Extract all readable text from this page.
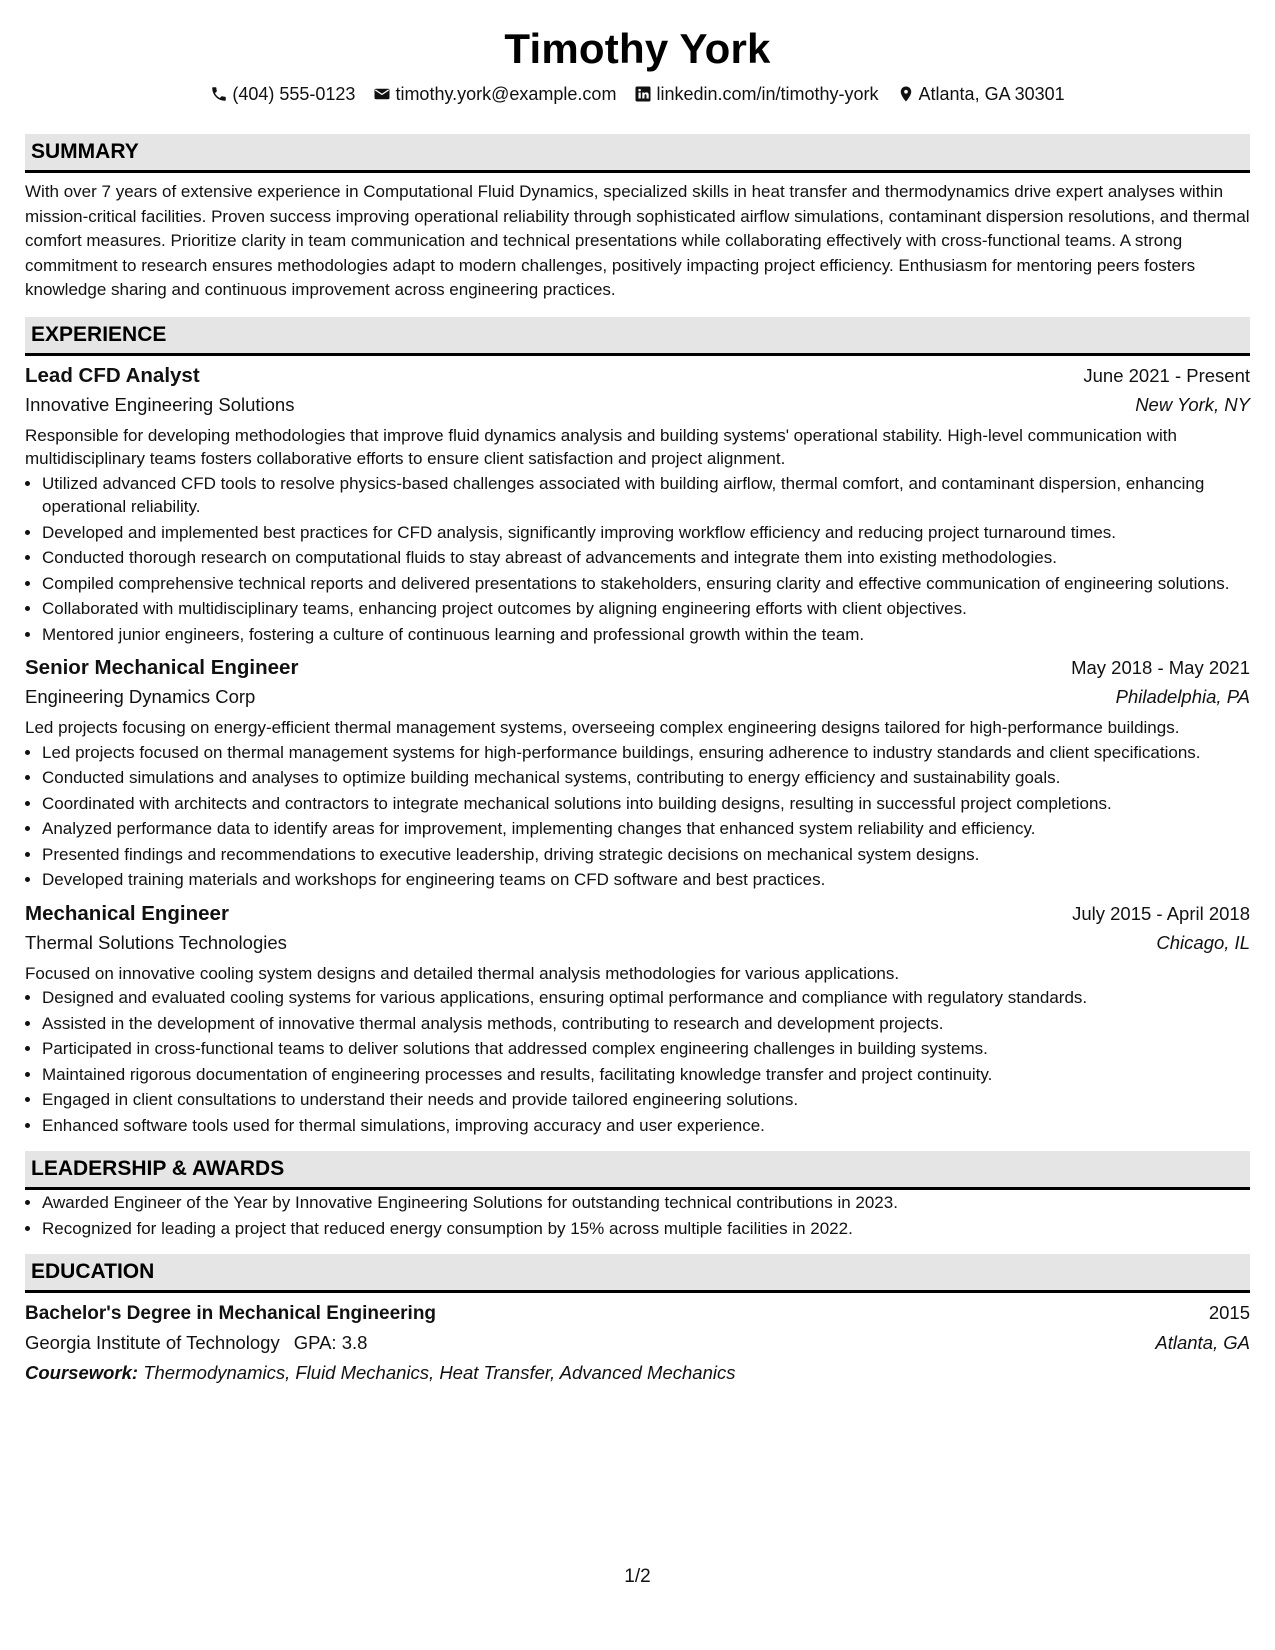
Timothy York
(404) 555-0123 timothy.york@example.com linkedin.com/in/timothy-york Atlanta, GA 30301
SUMMARY
With over 7 years of extensive experience in Computational Fluid Dynamics, specialized skills in heat transfer and thermodynamics drive expert analyses within mission-critical facilities. Proven success improving operational reliability through sophisticated airflow simulations, contaminant dispersion resolutions, and thermal comfort measures. Prioritize clarity in team communication and technical presentations while collaborating effectively with cross-functional teams. A strong commitment to research ensures methodologies adapt to modern challenges, positively impacting project efficiency. Enthusiasm for mentoring peers fosters knowledge sharing and continuous improvement across engineering practices.
EXPERIENCE
Lead CFD Analyst	June 2021 - Present
Innovative Engineering Solutions	New York, NY
Responsible for developing methodologies that improve fluid dynamics analysis and building systems' operational stability. High-level communication with multidisciplinary teams fosters collaborative efforts to ensure client satisfaction and project alignment.
• Utilized advanced CFD tools to resolve physics-based challenges associated with building airflow, thermal comfort, and contaminant dispersion, enhancing operational reliability.
• Developed and implemented best practices for CFD analysis, significantly improving workflow efficiency and reducing project turnaround times.
• Conducted thorough research on computational fluids to stay abreast of advancements and integrate them into existing methodologies.
• Compiled comprehensive technical reports and delivered presentations to stakeholders, ensuring clarity and effective communication of engineering solutions.
• Collaborated with multidisciplinary teams, enhancing project outcomes by aligning engineering efforts with client objectives.
• Mentored junior engineers, fostering a culture of continuous learning and professional growth within the team.
Senior Mechanical Engineer	May 2018 - May 2021
Engineering Dynamics Corp	Philadelphia, PA
Led projects focusing on energy-efficient thermal management systems, overseeing complex engineering designs tailored for high-performance buildings.
• Led projects focused on thermal management systems for high-performance buildings, ensuring adherence to industry standards and client specifications.
• Conducted simulations and analyses to optimize building mechanical systems, contributing to energy efficiency and sustainability goals.
• Coordinated with architects and contractors to integrate mechanical solutions into building designs, resulting in successful project completions.
• Analyzed performance data to identify areas for improvement, implementing changes that enhanced system reliability and efficiency.
• Presented findings and recommendations to executive leadership, driving strategic decisions on mechanical system designs.
• Developed training materials and workshops for engineering teams on CFD software and best practices.
Mechanical Engineer	July 2015 - April 2018
Thermal Solutions Technologies	Chicago, IL
Focused on innovative cooling system designs and detailed thermal analysis methodologies for various applications.
• Designed and evaluated cooling systems for various applications, ensuring optimal performance and compliance with regulatory standards.
• Assisted in the development of innovative thermal analysis methods, contributing to research and development projects.
• Participated in cross-functional teams to deliver solutions that addressed complex engineering challenges in building systems.
• Maintained rigorous documentation of engineering processes and results, facilitating knowledge transfer and project continuity.
• Engaged in client consultations to understand their needs and provide tailored engineering solutions.
• Enhanced software tools used for thermal simulations, improving accuracy and user experience.
LEADERSHIP & AWARDS
• Awarded Engineer of the Year by Innovative Engineering Solutions for outstanding technical contributions in 2023.
• Recognized for leading a project that reduced energy consumption by 15% across multiple facilities in 2022.
EDUCATION
Bachelor's Degree in Mechanical Engineering	2015
Georgia Institute of Technology GPA: 3.8	Atlanta, GA
Coursework: Thermodynamics, Fluid Mechanics, Heat Transfer, Advanced Mechanics
1/2
